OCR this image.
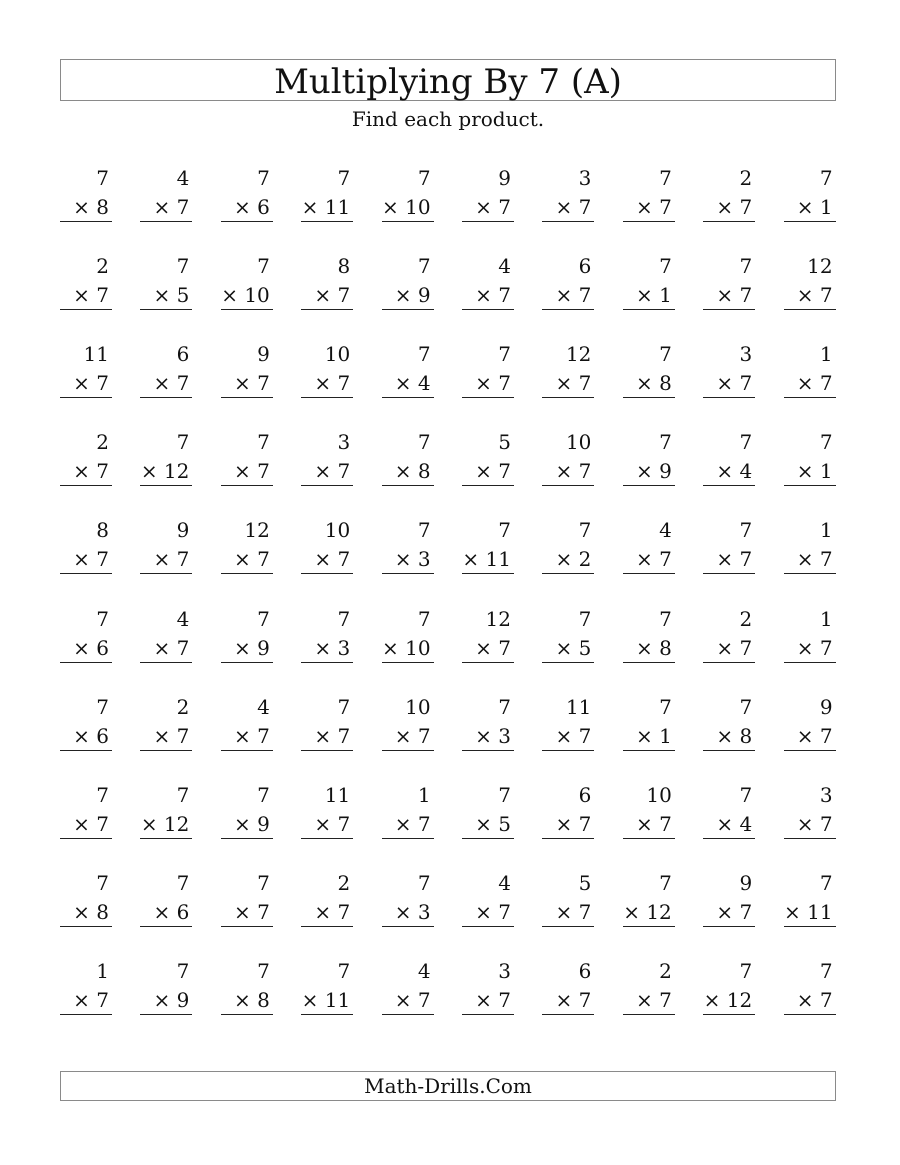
Multiplying By 7 (A)
Find each product.
7
× 8
4
× 7
7
× 6
7
× 11
7
× 10
9
× 7
3
× 7
7
× 7
2
× 7
7
× 1
2
× 7
7
× 5
7
× 10
8
× 7
7
× 9
4
× 7
6
× 7
7
× 1
7
× 7
12
× 7
11
× 7
6
× 7
9
× 7
10
× 7
7
× 4
7
× 7
12
× 7
7
× 8
3
× 7
1
× 7
2
× 7
7
× 12
7
× 7
3
× 7
7
× 8
5
× 7
10
× 7
7
× 9
7
× 4
7
× 1
8
× 7
9
× 7
12
× 7
10
× 7
7
× 3
7
× 11
7
× 2
4
× 7
7
× 7
1
× 7
7
× 6
4
× 7
7
× 9
7
× 3
7
× 10
12
× 7
7
× 5
7
× 8
2
× 7
1
× 7
7
× 6
2
× 7
4
× 7
7
× 7
10
× 7
7
× 3
11
× 7
7
× 1
7
× 8
9
× 7
7
× 7
7
× 12
7
× 9
11
× 7
1
× 7
7
× 5
6
× 7
10
× 7
7
× 4
3
× 7
7
× 8
7
× 6
7
× 7
2
× 7
7
× 3
4
× 7
5
× 7
7
× 12
9
× 7
7
× 11
1
× 7
7
× 9
7
× 8
7
× 11
4
× 7
3
× 7
6
× 7
2
× 7
7
× 12
7
× 7
Math-Drills.Com
